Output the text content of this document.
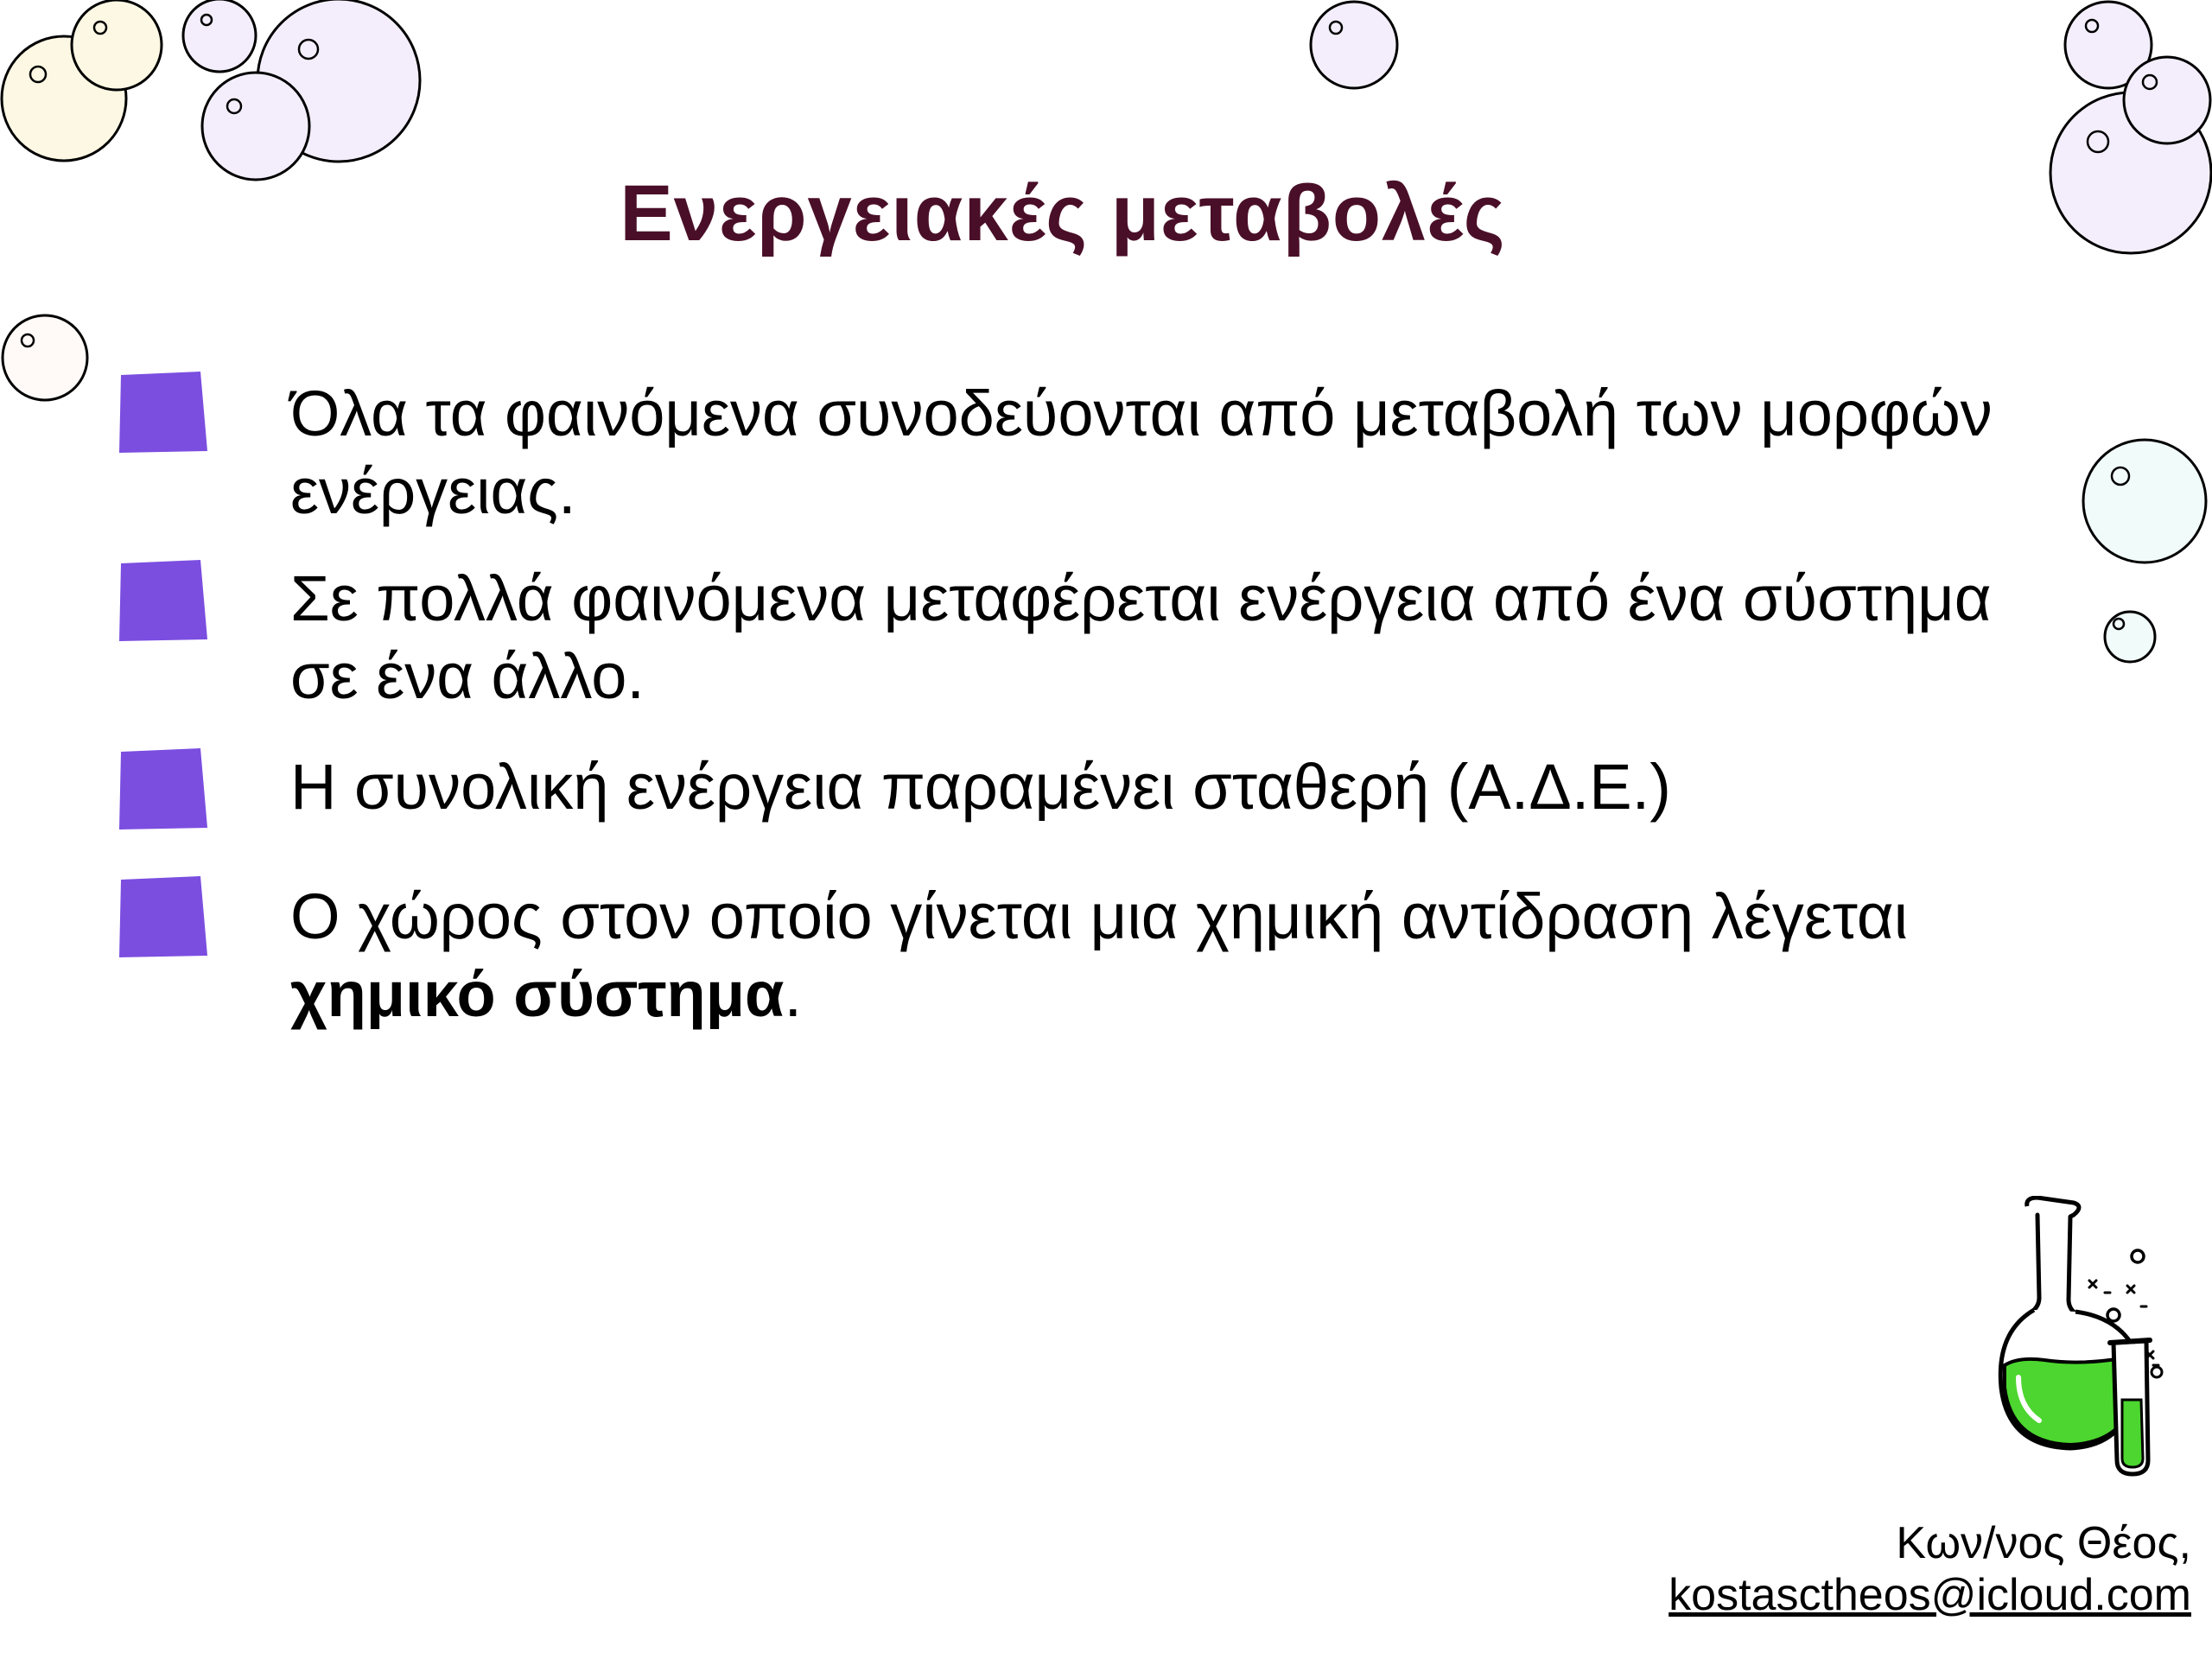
Ενεργειακές μεταβολές

Όλα τα φαινόμενα συνοδεύονται από μεταβολή των μορφών ενέργειας.

Σε πολλά φαινόμενα μεταφέρεται ενέργεια από ένα σύστημα σε ένα άλλο.

Η συνολική ενέργεια παραμένει σταθερή (Α.Δ.Ε.)

Ο χώρος στον οποίο γίνεται μια χημική αντίδραση λέγεται χημικό σύστημα.

Κων/νος Θέος,
kostasctheos@icloud.com
